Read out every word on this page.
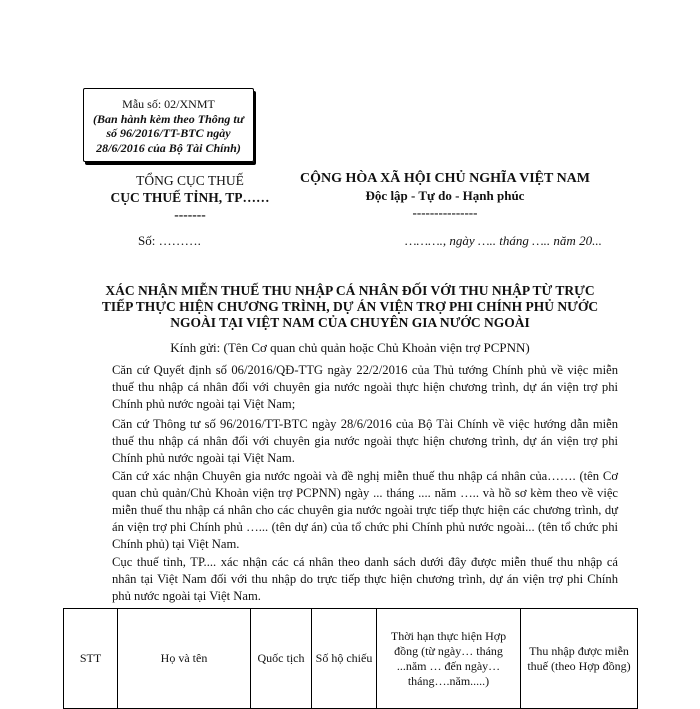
Mẫu số: 02/XNMT
(Ban hành kèm theo Thông tư
số 96/2016/TT-BTC ngày
28/6/2016 của Bộ Tài Chính)
TỔNG CỤC THUẾ
CỤC THUẾ TỈNH, TP……
-------
CỘNG HÒA XÃ HỘI CHỦ NGHĨA VIỆT NAM
Độc lập - Tự do - Hạnh phúc
---------------
Số: ……….	………., ngày ….. tháng ….. năm 20...
XÁC NHẬN MIỄN THUẾ THU NHẬP CÁ NHÂN ĐỐI VỚI THU NHẬP TỪ TRỰC
TIẾP THỰC HIỆN CHƯƠNG TRÌNH, DỰ ÁN VIỆN TRỢ PHI CHÍNH PHỦ NƯỚC
NGOÀI TẠI VIỆT NAM CỦA CHUYÊN GIA NƯỚC NGOÀI
Kính gửi: (Tên Cơ quan chủ quản hoặc Chủ Khoản viện trợ PCPNN)
Căn cứ Quyết định số 06/2016/QĐ-TTG ngày 22/2/2016 của Thủ tướng Chính phủ về việc miễn thuế thu nhập cá nhân đối với chuyên gia nước ngoài thực hiện chương trình, dự án viện trợ phi Chính phủ nước ngoài tại Việt Nam;
Căn cứ Thông tư số 96/2016/TT-BTC ngày 28/6/2016 của Bộ Tài Chính về việc hướng dẫn miễn thuế thu nhập cá nhân đối với chuyên gia nước ngoài thực hiện chương trình, dự án viện trợ phi Chính phủ nước ngoài tại Việt Nam.
Căn cứ xác nhận Chuyên gia nước ngoài và đề nghị miễn thuế thu nhập cá nhân của……. (tên Cơ quan chủ quản/Chủ Khoản viện trợ PCPNN) ngày ... tháng .... năm ….. và hồ sơ kèm theo về việc miễn thuế thu nhập cá nhân cho các chuyên gia nước ngoài trực tiếp thực hiện các chương trình, dự án viện trợ phi Chính phủ …... (tên dự án) của tổ chức phi Chính phủ nước ngoài... (tên tổ chức phi Chính phủ) tại Việt Nam.
Cục thuế tỉnh, TP.... xác nhận các cá nhân theo danh sách dưới đây được miễn thuế thu nhập cá nhân tại Việt Nam đối với thu nhập do trực tiếp thực hiện chương trình, dự án viện trợ phi Chính phủ nước ngoài tại Việt Nam.
STT	Họ và tên	Quốc tịch	Số hộ chiếu	Thời hạn thực hiện Hợp đồng (từ ngày… tháng ...năm … đến ngày… tháng….năm.....)	Thu nhập được miễn thuế (theo Hợp đồng)
